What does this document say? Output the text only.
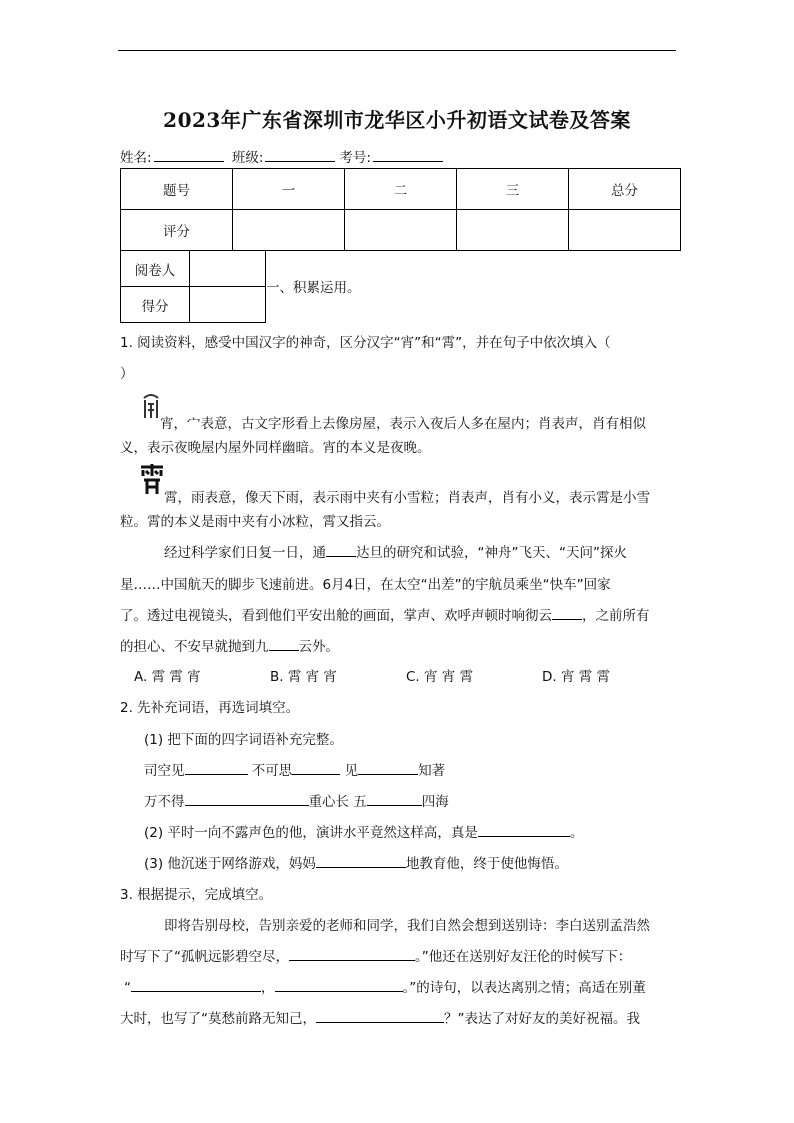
2023年广东省深圳市龙华区小升初语文试卷及答案
姓名:	班级:	考号:
题号	一	二	三	总分
评分				
阅卷人	
得分	
一、积累运用。
1. 阅读资料，感受中国汉字的神奇，区分汉字“宵”和“霄”，并在句子中依次填入（
）
宵，宀表意，古文字形看上去像房屋，表示入夜后人多在屋内；肖表声，肖有相似
义，表示夜晚屋内屋外同样幽暗。宵的本义是夜晚。
霄，雨表意，像天下雨，表示雨中夹有小雪粒；肖表声，肖有小义，表示霄是小雪
粒。霄的本义是雨中夹有小冰粒，霄又指云。
经过科学家们日复一日，通 达旦的研究和试验，“神舟”飞天、“天问”探火
星……中国航天的脚步飞速前进。6月4日，在太空“出差”的宇航员乘坐“快车”回家
了。透过电视镜头，看到他们平安出舱的画面，掌声、欢呼声顿时响彻云 ，之前所有
的担心、不安早就抛到九 云外。
A. 霄 霄 宵	B. 霄 宵 宵	C. 宵 宵 霄	D. 宵 霄 霄
2. 先补充词语，再选词填空。
(1) 把下面的四字词语补充完整。
司空见	不可思	见	知著
万不得	重心长 五	四海
(2) 平时一向不露声色的他，演讲水平竟然这样高，真是	。
(3) 他沉迷于网络游戏，妈妈	地教育他，终于使他悔悟。
3. 根据提示，完成填空。
即将告别母校，告别亲爱的老师和同学，我们自然会想到送别诗：李白送别孟浩然
时写下了“孤帆远影碧空尽，	。”他还在送别好友汪伦的时候写下：
“	，	。”的诗句，以表达离别之情；高适在别董
大时，也写了“莫愁前路无知己，	？”表达了对好友的美好祝福。我
